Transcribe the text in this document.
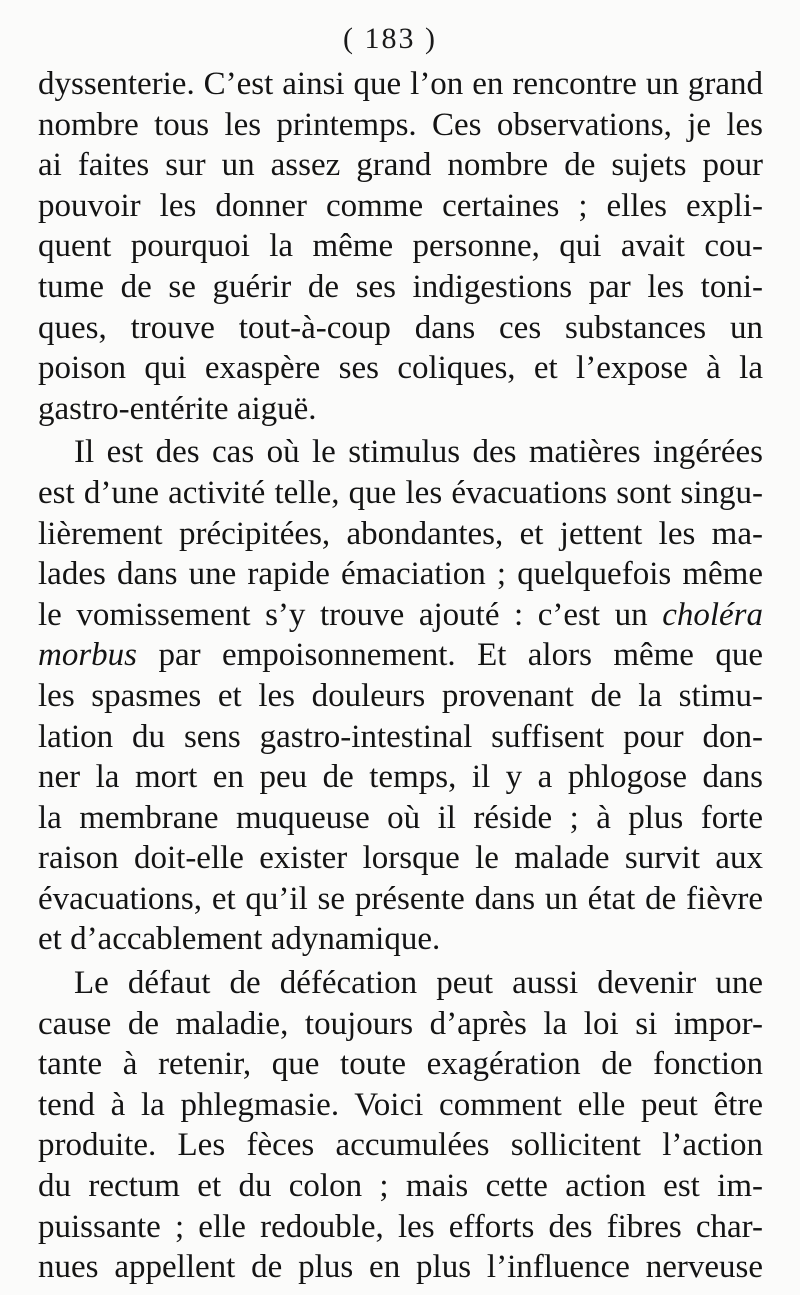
( 183 )
dyssenterie. C’est ainsi que l’on en rencontre un grand
nombre tous les printemps. Ces observations, je les
ai faites sur un assez grand nombre de sujets pour
pouvoir les donner comme certaines ; elles expli-
quent pourquoi la même personne, qui avait cou-
tume de se guérir de ses indigestions par les toni-
ques, trouve tout-à-coup dans ces substances un
poison qui exaspère ses coliques, et l’expose à la
gastro-entérite aiguë.
Il est des cas où le stimulus des matières ingérées
est d’une activité telle, que les évacuations sont singu-
lièrement précipitées, abondantes, et jettent les ma-
lades dans une rapide émaciation ; quelquefois même
le vomissement s’y trouve ajouté : c’est un choléra
morbus par empoisonnement. Et alors même que
les spasmes et les douleurs provenant de la stimu-
lation du sens gastro-intestinal suffisent pour don-
ner la mort en peu de temps, il y a phlogose dans
la membrane muqueuse où il réside ; à plus forte
raison doit-elle exister lorsque le malade survit aux
évacuations, et qu’il se présente dans un état de fièvre
et d’accablement adynamique.
Le défaut de défécation peut aussi devenir une
cause de maladie, toujours d’après la loi si impor-
tante à retenir, que toute exagération de fonction
tend à la phlegmasie. Voici comment elle peut être
produite. Les fèces accumulées sollicitent l’action
du rectum et du colon ; mais cette action est im-
puissante ; elle redouble, les efforts des fibres char-
nues appellent de plus en plus l’influence nerveuse
